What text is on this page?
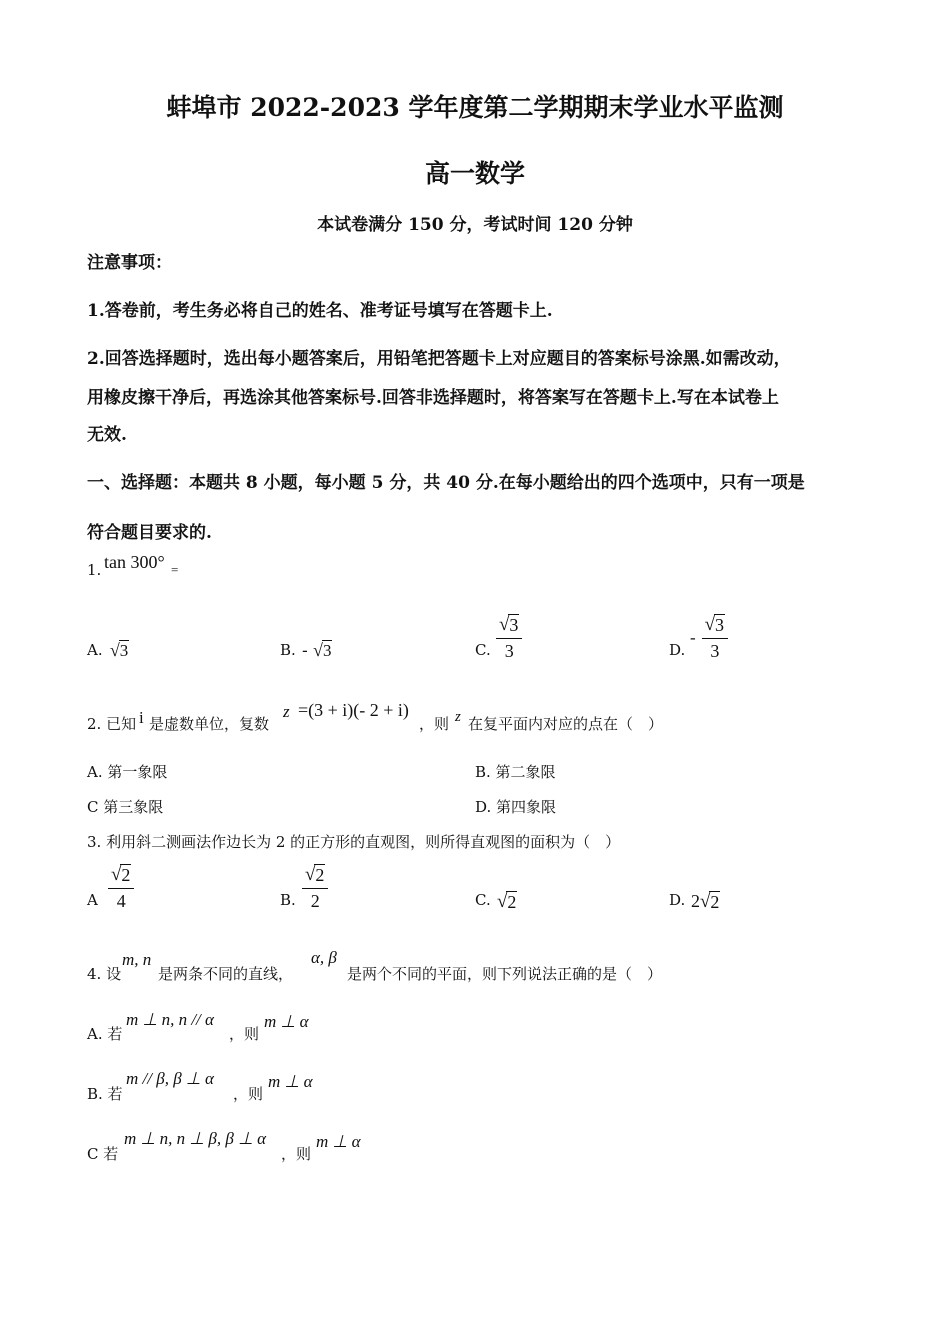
蚌埠市 2022-2023 学年度第二学期期末学业水平监测
高一数学
本试卷满分 150 分，考试时间 120 分钟
注意事项：
1.答卷前，考生务必将自己的姓名、准考证号填写在答题卡上.
2.回答选择题时，选出每小题答案后，用铅笔把答题卡上对应题目的答案标号涂黑.如需改动，
用橡皮擦干净后，再选涂其他答案标号.回答非选择题时，将答案写在答题卡上.写在本试卷上
无效.
一、选择题：本题共 8 小题，每小题 5 分，共 40 分.在每小题给出的四个选项中，只有一项是
符合题目要求的.
1. tan 300° =
A. √ 3	B. - √ 3	C. $\frac{√ 3}{3}$	D.
- $\frac{√ 3}{3}$
2. 已知 i 是虚数单位，复数
z =(3 + i)(- 2 + i)
，则 z 在复平面内对应的点在（　）
A. 第一象限	B. 第二象限
C 第三象限	D. 第四象限
3. 利用斜二测画法作边长为 2 的正方形的直观图，则所得直观图的面积为（　）
A $\frac{√ 2}{4}$	B. $\frac{√ 2}{2}$	C. √ 2	D. 2 √ 2
4. 设
m, n
是两条不同的直线，
α, β
是两个不同的平面，则下列说法正确的是（　）
A. 若
m ⊥ n, n // α
，则
m ⊥ α
B. 若
m // β, β ⊥ α
，则
m ⊥ α
C 若
m ⊥ n, n ⊥ β, β ⊥ α
，则
m ⊥ α
